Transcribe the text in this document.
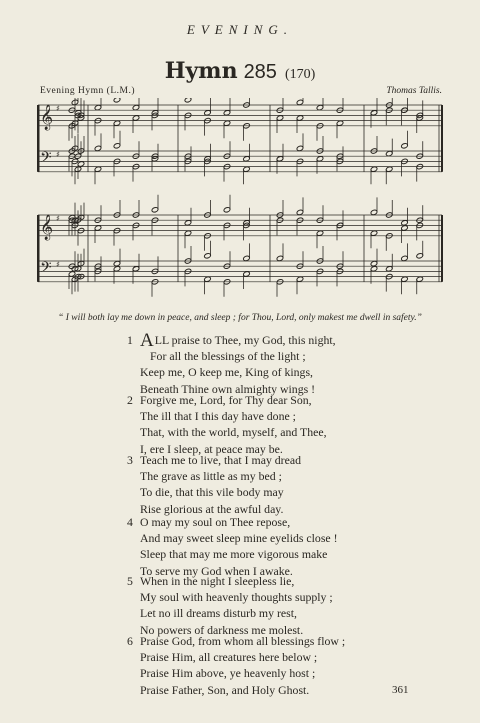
EVENING.
Hymn 285 (170)
Evening Hymn (L.M.)	Thomas Tallis.
𝄞
𝄢
♯
♯
𝄞
𝄢
♯
♯
“ I will both lay me down in peace, and sleep ; for Thou, Lord, only makest me dwell in safety.”
1 ALL praise to Thee, my God, this night,
For all the blessings of the light ;
Keep me, O keep me, King of kings,
Beneath Thine own almighty wings !
2 Forgive me, Lord, for Thy dear Son,
The ill that I this day have done ;
That, with the world, myself, and Thee,
I, ere I sleep, at peace may be.
3 Teach me to live, that I may dread
The grave as little as my bed ;
To die, that this vile body may
Rise glorious at the awful day.
4 O may my soul on Thee repose,
And may sweet sleep mine eyelids close !
Sleep that may me more vigorous make
To serve my God when I awake.
5 When in the night I sleepless lie,
My soul with heavenly thoughts supply ;
Let no ill dreams disturb my rest,
No powers of darkness me molest.
6 Praise God, from whom all blessings flow ;
Praise Him, all creatures here below ;
Praise Him above, ye heavenly host ;
Praise Father, Son, and Holy Ghost.	361
